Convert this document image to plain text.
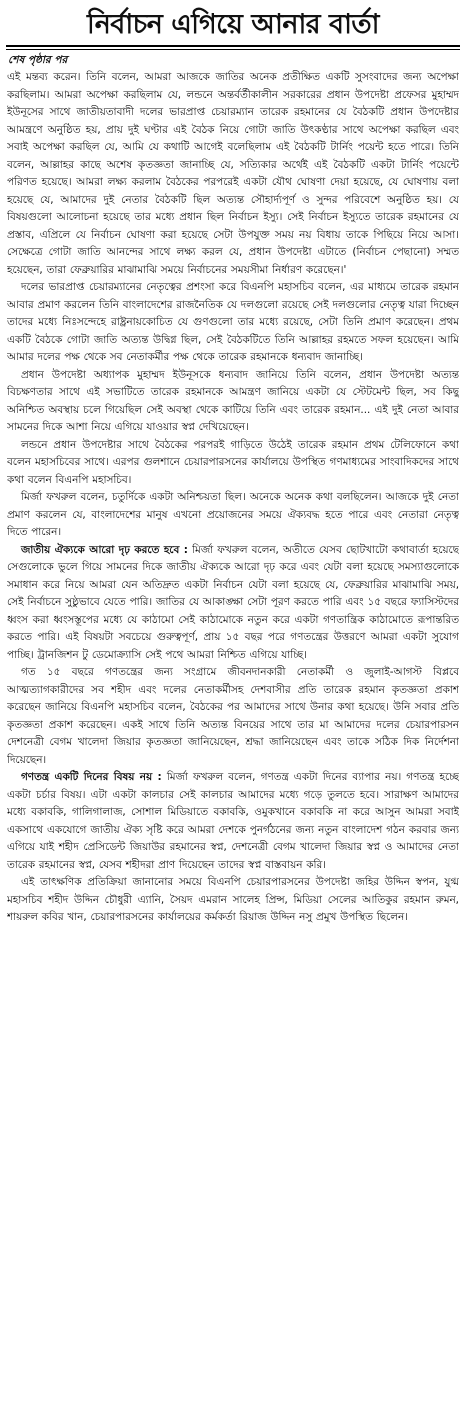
নির্বাচন এগিয়ে আনার বার্তা
শেষ পৃষ্ঠার পর

এই মন্তব্য করেন। তিনি বলেন, আমরা আজকে জাতির অনেক প্রতীক্ষিত একটি সুসংবাদের জন্য অপেক্ষা করছিলাম। আমরা অপেক্ষা করছিলাম যে, লন্ডনে অন্তর্বর্তীকালীন সরকারের প্রধান উপদেষ্টা প্রফেসর মুহাম্মদ ইউনূসের সাথে জাতীয়তাবাদী দলের ভারপ্রাপ্ত চেয়ারম্যান তারেক রহমানের যে বৈঠকটি প্রধান উপদেষ্টার আমন্ত্রণে অনুষ্ঠিত হয়, প্রায় দুই ঘণ্টার এই বৈঠক নিয়ে গোটা জাতি উৎকণ্ঠার সাথে অপেক্ষা করছিল এবং সবাই অপেক্ষা করছিল যে, আমি যে কথাটি আগেই বলেছিলাম এই বৈঠকটি টার্নিং পয়েন্ট হতে পারে। তিনি বলেন, আল্লাহর কাছে অশেষ কৃতজ্ঞতা জানাচ্ছি যে, সত্যিকার অর্থেই এই বৈঠকটি একটা টার্নিং পয়েন্টে পরিণত হয়েছে। আমরা লক্ষ্য করলাম বৈঠকের পরপরেই একটা যৌথ ঘোষণা দেয়া হয়েছে, যে ঘোষণায় বলা হয়েছে যে, আমাদের দুই নেতার বৈঠকটি ছিল অত্যন্ত সৌহার্দ্যপূর্ণ ও সুন্দর পরিবেশে অনুষ্ঠিত হয়। যে বিষয়গুলো আলোচনা হয়েছে তার মধ্যে প্রধান ছিল নির্বাচন ইস্যু। সেই নির্বাচন ইস্যুতে তারেক রহমানের যে প্রস্তাব, এপ্রিলে যে নির্বাচন ঘোষণা করা হয়েছে সেটা উপযুক্ত সময় নয় বিধায় তাকে পিছিয়ে নিয়ে আসা। সেক্ষেত্রে গোটা জাতি আনন্দের সাথে লক্ষ্য করল যে, প্রধান উপদেষ্টা এটাতে (নির্বাচন পেছানো) সম্মত হয়েছেন, তারা ফেব্রুয়ারির মাঝামাঝি সময়ে নির্বাচনের সময়সীমা নির্ধারণ করেছেন।'

দলের ভারপ্রাপ্ত চেয়ারম্যানের নেতৃত্বের প্রশংসা করে বিএনপি মহাসচিব বলেন, এর মাধ্যমে তারেক রহমান আবার প্রমাণ করলেন তিনি বাংলাদেশের রাজনৈতিক যে দলগুলো রয়েছে সেই দলগুলোর নেতৃত্ব যারা দিচ্ছেন তাদের মধ্যে নিঃসন্দেহে রাষ্ট্রনায়কোচিত যে গুণগুলো তার মধ্যে রয়েছে, সেটা তিনি প্রমাণ করেছেন। প্রথম একটি বৈঠকে গোটা জাতি অত্যন্ত উদ্বিগ্ন ছিল, সেই বৈঠকটিতে তিনি আল্লাহর রহমতে সফল হয়েছেন। আমি আমার দলের পক্ষ থেকে সব নেতাকর্মীর পক্ষ থেকে তারেক রহমানকে ধন্যবাদ জানাচ্ছি।

প্রধান উপদেষ্টা অধ্যাপক মুহাম্মদ ইউনূসকে ধন্যবাদ জানিয়ে তিনি বলেন, প্রধান উপদেষ্টা অত্যন্ত বিচক্ষণতার সাথে এই সভাটিতে তারেক রহমানকে আমন্ত্রণ জানিয়ে একটা যে স্টেটমেন্ট ছিল, সব কিছু অনিশ্চিত অবস্থায় চলে গিয়েছিল সেই অবস্থা থেকে কাটিয়ে তিনি এবং তারেক রহমান... এই দুই নেতা আবার সামনের দিকে আশা নিয়ে এগিয়ে যাওয়ার স্বপ্ন দেখিয়েছেন।

লন্ডনে প্রধান উপদেষ্টার সাথে বৈঠকের পরপরই গাড়িতে উঠেই তারেক রহমান প্রথম টেলিফোনে কথা বলেন মহাসচিবের সাথে। এরপর গুলশানে চেয়ারপারসনের কার্যালয়ে উপস্থিত গণমাধ্যমের সাংবাদিকদের সাথে কথা বলেন বিএনপি মহাসচিব।

মির্জা ফখরুল বলেন, চতুর্দিকে একটা অনিশ্চয়তা ছিল। অনেকে অনেক কথা বলছিলেন। আজকে দুই নেতা প্রমাণ করলেন যে, বাংলাদেশের মানুষ এখনো প্রয়োজনের সময়ে ঐক্যবদ্ধ হতে পারে এবং নেতারা নেতৃত্ব দিতে পারেন।

জাতীয় ঐক্যকে আরো দৃঢ় করতে হবে : মির্জা ফখরুল বলেন, অতীতে যেসব ছোটখাটো কথাবার্তা হয়েছে সেগুলোকে ভুলে গিয়ে সামনের দিকে জাতীয় ঐক্যকে আরো দৃঢ় করে এবং যেটা বলা হয়েছে সমস্যাগুলোকে সমাধান করে নিয়ে আমরা যেন অতিদ্রুত একটা নির্বাচন যেটা বলা হয়েছে যে, ফেব্রুয়ারির মাঝামাঝি সময়, সেই নির্বাচনে সুষ্ঠুভাবে যেতে পারি। জাতির যে আকাঙ্ক্ষা সেটা পূরণ করতে পারি এবং ১৫ বছরে ফ্যাসিস্টদের ধ্বংস করা ধ্বংসস্তূপের মধ্যে যে কাঠামো সেই কাঠামোকে নতুন করে একটা গণতান্ত্রিক কাঠামোতে রূপান্তরিত করতে পারি। এই বিষয়টা সবচেয়ে গুরুত্বপূর্ণ, প্রায় ১৫ বছর পরে গণতন্ত্রের উত্তরণে আমরা একটা সুযোগ পাচ্ছি। ট্রানজিশন টু ডেমোক্র্যাসি সেই পথে আমরা নিশ্চিত এগিয়ে যাচ্ছি।

গত ১৫ বছরে গণতন্ত্রের জন্য সংগ্রামে জীবনদানকারী নেতাকর্মী ও জুলাই-আগস্ট বিপ্লবে আত্মত্যাগকারীদের সব শহীদ এবং দলের নেতাকর্মীসহ দেশবাসীর প্রতি তারেক রহমান কৃতজ্ঞতা প্রকাশ করেছেন জানিয়ে বিএনপি মহাসচিব বলেন, বৈঠকের পর আমাদের সাথে উনার কথা হয়েছে। উনি সবার প্রতি কৃতজ্ঞতা প্রকাশ করেছেন। একই সাথে তিনি অত্যন্ত বিনয়ের সাথে তার মা আমাদের দলের চেয়ারপারসন দেশনেত্রী বেগম খালেদা জিয়ার কৃতজ্ঞতা জানিয়েছেন, শ্রদ্ধা জানিয়েছেন এবং তাকে সঠিক দিক নির্দেশনা দিয়েছেন।

গণতন্ত্র একটি দিনের বিষয় নয় : মির্জা ফখরুল বলেন, গণতন্ত্র একটা দিনের ব্যাপার নয়। গণতন্ত্র হচ্ছে একটা চর্চার বিষয়। এটা একটা কালচার সেই কালচার আমাদের মধ্যে গড়ে তুলতে হবে। সারাক্ষণ আমাদের মধ্যে বকাবকি, গালিগালাজ, সোশাল মিডিয়াতে বকাবকি, ওমুকখানে বকাবকি না করে আসুন আমরা সবাই একসাথে একযোগে জাতীয় ঐক্য সৃষ্টি করে আমরা দেশকে পুনর্গঠনের জন্য নতুন বাংলাদেশ গঠন করবার জন্য এগিয়ে যাই শহীদ প্রেসিডেন্ট জিয়াউর রহমানের স্বপ্ন, দেশনেত্রী বেগম খালেদা জিয়ার স্বপ্ন ও আমাদের নেতা তারেক রহমানের স্বপ্ন, যেসব শহীদরা প্রাণ দিয়েছেন তাদের স্বপ্ন বাস্তবায়ন করি।

এই তাৎক্ষণিক প্রতিক্রিয়া জানানোর সময়ে বিএনপি চেয়ারপারসনের উপদেষ্টা জহির উদ্দিন স্বপন, যুগ্ম মহাসচিব শহীদ উদ্দিন চৌধুরী এ্যানি, সৈয়দ এমরান সালেহ প্রিন্স, মিডিয়া সেলের আতিকুর রহমান রুমন, শায়রুল কবির খান, চেয়ারপারসনের কার্যালয়ের কর্মকর্তা রিয়াজ উদ্দিন নসু প্রমুখ উপস্থিত ছিলেন।
